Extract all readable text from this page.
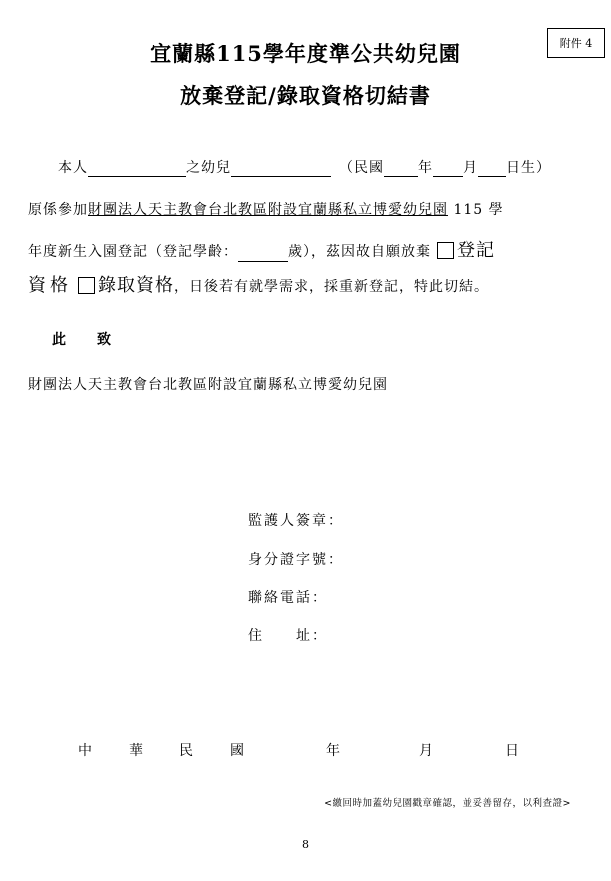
附件 4
宜蘭縣115學年度準公共幼兒園
放棄登記/錄取資格切結書
本人	之幼兒	（民國 年 月 日生）
原係參加財團法人天主教會台北教區附設宜蘭縣私立博愛幼兒園 115 學
年度新生入園登記（登記學齡：	歲），茲因故自願放棄 登記
資格 錄取資格，日後若有就學需求，採重新登記，特此切結。
此　　致
財團法人天主教會台北教區附設宜蘭縣私立博愛幼兒園
監護人簽章：
身分證字號：
聯絡電話：
住　　址：
中	華	民	國	年	月	日
<繳回時加蓋幼兒園戳章確認，並妥善留存，以利查證>
8
